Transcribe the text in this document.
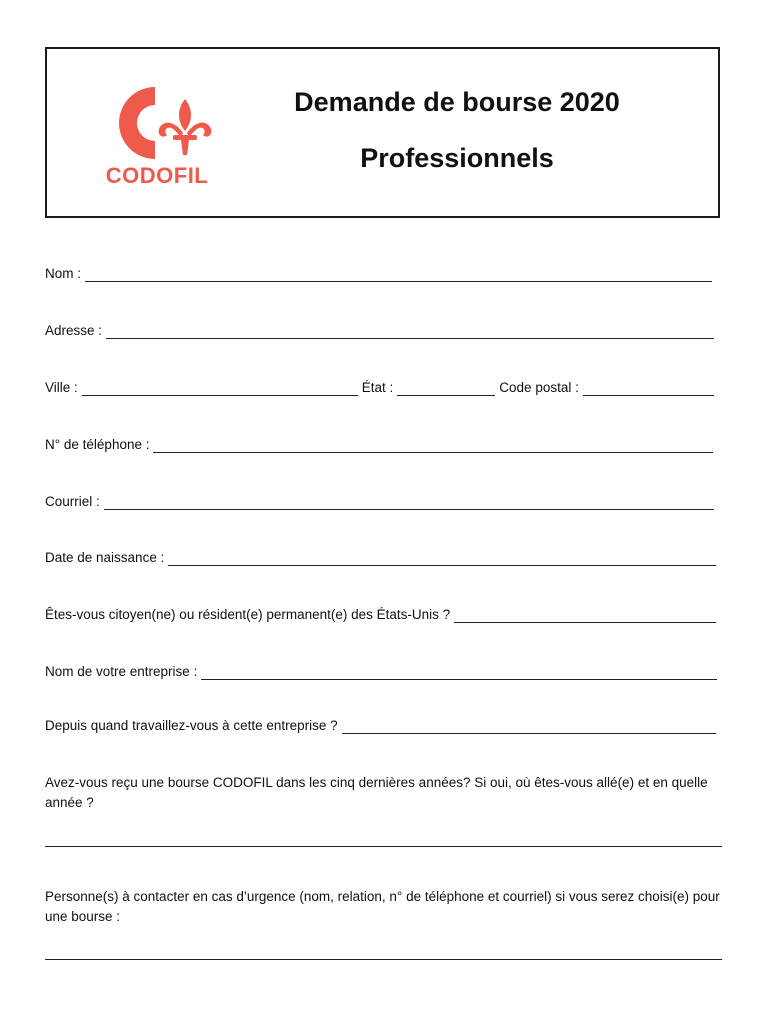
CODOFIL
Demande de bourse 2020
Professionnels
Nom :
Adresse :
Ville :	État :	Code postal :
N° de téléphone :
Courriel :
Date de naissance :
Êtes-vous citoyen(ne) ou résident(e) permanent(e) des États-Unis ?
Nom de votre entreprise :
Depuis quand travaillez-vous à cette entreprise ?
Avez-vous reçu une bourse CODOFIL dans les cinq dernières années? Si oui, où êtes-vous allé(e) et en quelle année ?
Personne(s) à contacter en cas d’urgence (nom, relation, n° de téléphone et courriel) si vous serez choisi(e) pour une bourse :
